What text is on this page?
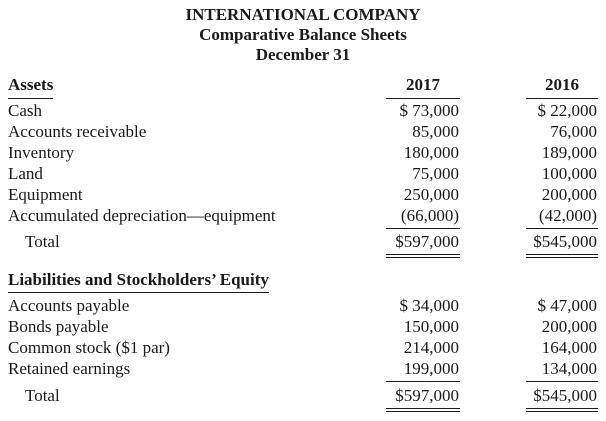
INTERNATIONAL COMPANY
Comparative Balance Sheets
December 31
Assets	2017	2016
Cash	$ 73,000	$ 22,000
Accounts receivable	85,000	76,000
Inventory	180,000	189,000
Land	75,000	100,000
Equipment	250,000	200,000
Accumulated depreciation—equipment	(66,000)	(42,000)
Total	$597,000	$545,000
Liabilities and Stockholders’ Equity
Accounts payable	$ 34,000	$ 47,000
Bonds payable	150,000	200,000
Common stock ($1 par)	214,000	164,000
Retained earnings	199,000	134,000
Total	$597,000	$545,000
